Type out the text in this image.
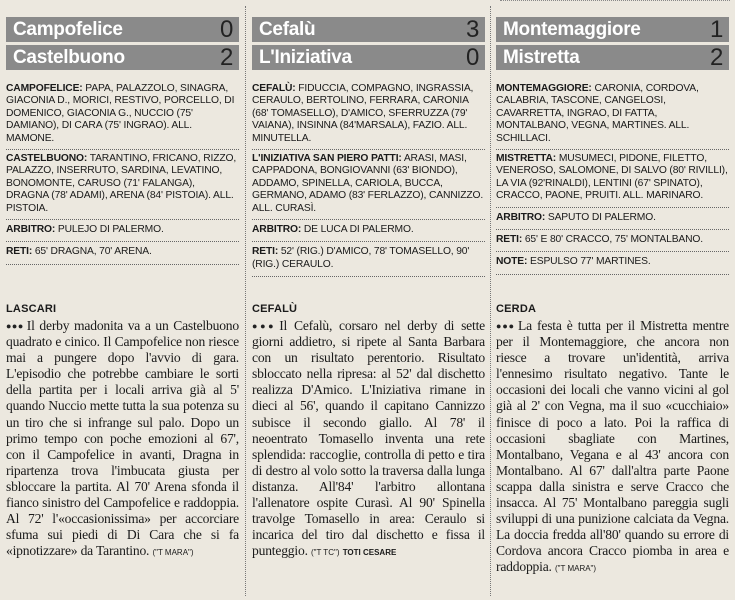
Campofelice	0
Castelbuono	2
CAMPOFELICE: PAPA, PALAZZOLO, SINAGRA, GIACONIA D., MORICI, RESTIVO, PORCELLO, DI DOMENICO, GIACONIA G., NUCCIO (75' DAMIANO), DI CARA (75' INGRAO). ALL. MAMONE.
CASTELBUONO: TARANTINO, FRICANO, RIZZO, PALAZZO, INSERRUTO, SARDINA, LEVATINO, BONOMONTE, CARUSO (71' FALANGA), DRAGNA (78' ADAMI), ARENA (84' PISTOIA). ALL. PISTOIA.
ARBITRO: PULEJO DI PALERMO.
RETI: 65' DRAGNA, 70' ARENA.
LASCARI
●●● Il derby madonita va a un Castelbuono quadrato e cinico. Il Campofelice non riesce mai a pungere dopo l'avvio di gara. L'episodio che potrebbe cambiare le sorti della partita per i locali arriva già al 5' quando Nuccio mette tutta la sua potenza su un tiro che si infrange sul palo. Dopo un primo tempo con poche emozioni al 67', con il Campofelice in avanti, Dragna in ripartenza trova l'imbucata giusta per sbloccare la partita. Al 70' Arena sfonda il fianco sinistro del Campofelice e raddoppia. Al 72' l'«occasionissima» per accorciare sfuma sui piedi di Di Cara che si fa «ipnotizzare» da Tarantino. ("T MARA")
Cefalù	3
L'Iniziativa	0
CEFALÙ: FIDUCCIA, COMPAGNO, INGRASSIA, CERAULO, BERTOLINO, FERRARA, CARONIA (68' TOMASELLO), D'AMICO, SFERRUZZA (79' VAIANA), INSINNA (84'MARSALA), FAZIO. ALL. MINUTELLA.
L'INIZIATIVA SAN PIERO PATTI: ARASI, MASI, CAPPADONA, BONGIOVANNI (63' BIONDO), ADDAMO, SPINELLA, CARIOLA, BUCCA, GERMANO, ADAMO (83' FERLAZZO), CANNIZZO. ALL. CURASÌ.
ARBITRO: DE LUCA DI PALERMO.
RETI: 52' (RIG.) D'AMICO, 78' TOMASELLO, 90' (RIG.) CERAULO.
CEFALÙ
●●● Il Cefalù, corsaro nel derby di sette giorni addietro, si ripete al Santa Barbara con un risultato perentorio. Risultato sbloccato nella ripresa: al 52' dal dischetto realizza D'Amico. L'Iniziativa rimane in dieci al 56', quando il capitano Cannizzo subisce il secondo giallo. Al 78' il neoentrato Tomasello inventa una rete splendida: raccoglie, controlla di petto e tira di destro al volo sotto la traversa dalla lunga distanza. All'84' l'arbitro allontana l'allenatore ospite Curasì. Al 90' Spinella travolge Tomasello in area: Ceraulo si incarica del tiro dal dischetto e fissa il punteggio. ("T TC") TOTI CESARE
Montemaggiore	1
Mistretta	2
MONTEMAGGIORE: CARONIA, CORDOVA, CALABRIA, TASCONE, CANGELOSI, CAVARRETTA, INGRAO, DI FATTA, MONTALBANO, VEGNA, MARTINES. ALL. SCHILLACI.
MISTRETTA: MUSUMECI, PIDONE, FILETTO, VENEROSO, SALOMONE, DI SALVO (80' RIVILLI), LA VIA (92'RINALDI), LENTINI (67' SPINATO), CRACCO, PAONE, PRUITI. ALL. MARINARO.
ARBITRO: SAPUTO DI PALERMO.
RETI: 65' E 80' CRACCO, 75' MONTALBANO.
NOTE: ESPULSO 77' MARTINES.
CERDA
●●● La festa è tutta per il Mistretta mentre per il Montemaggiore, che ancora non riesce a trovare un'identità, arriva l'ennesimo risultato negativo. Tante le occasioni dei locali che vanno vicini al gol già al 2' con Vegna, ma il suo «cucchiaio» finisce di poco a lato. Poi la raffica di occasioni sbagliate con Martines, Montalbano, Vegana e al 43' ancora con Montalbano. Al 67' dall'altra parte Paone scappa dalla sinistra e serve Cracco che insacca. Al 75' Montalbano pareggia sugli sviluppi di una punizione calciata da Vegna. La doccia fredda all'80' quando su errore di Cordova ancora Cracco piomba in area e raddoppia. ("T MARA")
